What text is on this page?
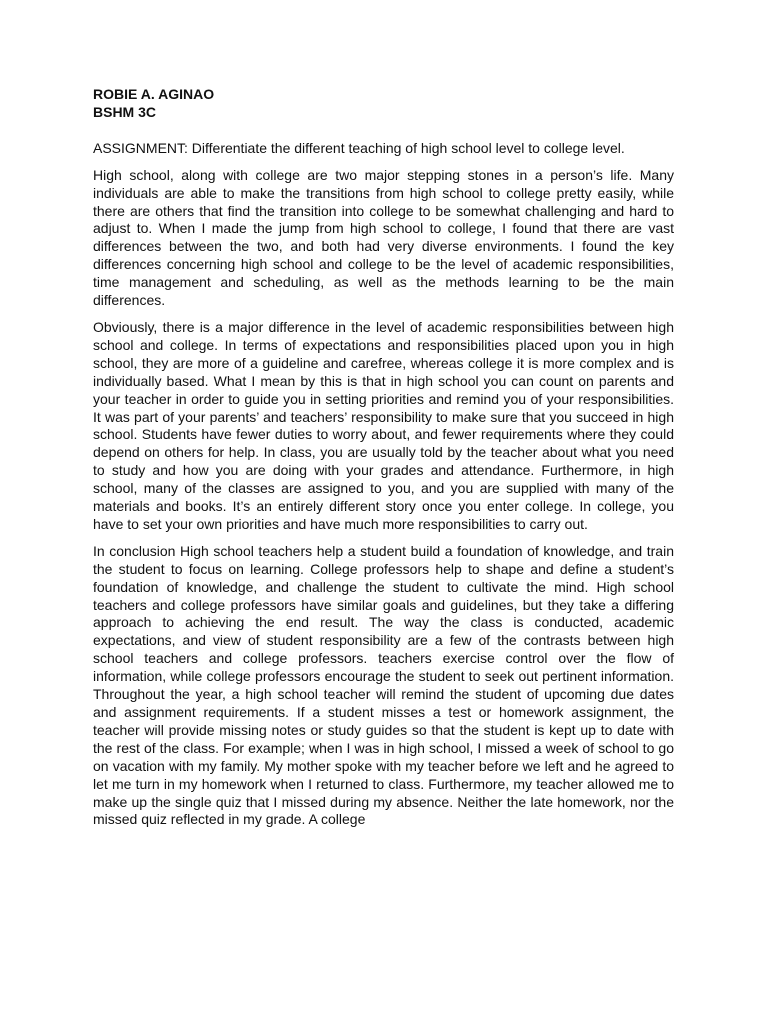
ROBIE A. AGINAO
BSHM 3C

ASSIGNMENT: Differentiate the different teaching of high school level to college level.

High school, along with college are two major stepping stones in a person’s life. Many individuals are able to make the transitions from high school to college pretty easily, while there are others that find the transition into college to be somewhat challenging and hard to adjust to. When I made the jump from high school to college, I found that there are vast differences between the two, and both had very diverse environments. I found the key differences concerning high school and college to be the level of academic responsibilities, time management and scheduling, as well as the methods learning to be the main differences.

Obviously, there is a major difference in the level of academic responsibilities between high school and college. In terms of expectations and responsibilities placed upon you in high school, they are more of a guideline and carefree, whereas college it is more complex and is individually based. What I mean by this is that in high school you can count on parents and your teacher in order to guide you in setting priorities and remind you of your responsibilities. It was part of your parents’ and teachers’ responsibility to make sure that you succeed in high school. Students have fewer duties to worry about, and fewer requirements where they could depend on others for help. In class, you are usually told by the teacher about what you need to study and how you are doing with your grades and attendance. Furthermore, in high school, many of the classes are assigned to you, and you are supplied with many of the materials and books. It’s an entirely different story once you enter college. In college, you have to set your own priorities and have much more responsibilities to carry out.

In conclusion High school teachers help a student build a foundation of knowledge, and train the student to focus on learning. College professors help to shape and define a student’s foundation of knowledge, and challenge the student to cultivate the mind. High school teachers and college professors have similar goals and guidelines, but they take a differing approach to achieving the end result. The way the class is conducted, academic expectations, and view of student responsibility are a few of the contrasts between high school teachers and college professors. teachers exercise control over the flow of information, while college professors encourage the student to seek out pertinent information. Throughout the year, a high school teacher will remind the student of upcoming due dates and assignment requirements. If a student misses a test or homework assignment, the teacher will provide missing notes or study guides so that the student is kept up to date with the rest of the class. For example; when I was in high school, I missed a week of school to go on vacation with my family. My mother spoke with my teacher before we left and he agreed to let me turn in my homework when I returned to class. Furthermore, my teacher allowed me to make up the single quiz that I missed during my absence. Neither the late homework, nor the missed quiz reflected in my grade. A college
